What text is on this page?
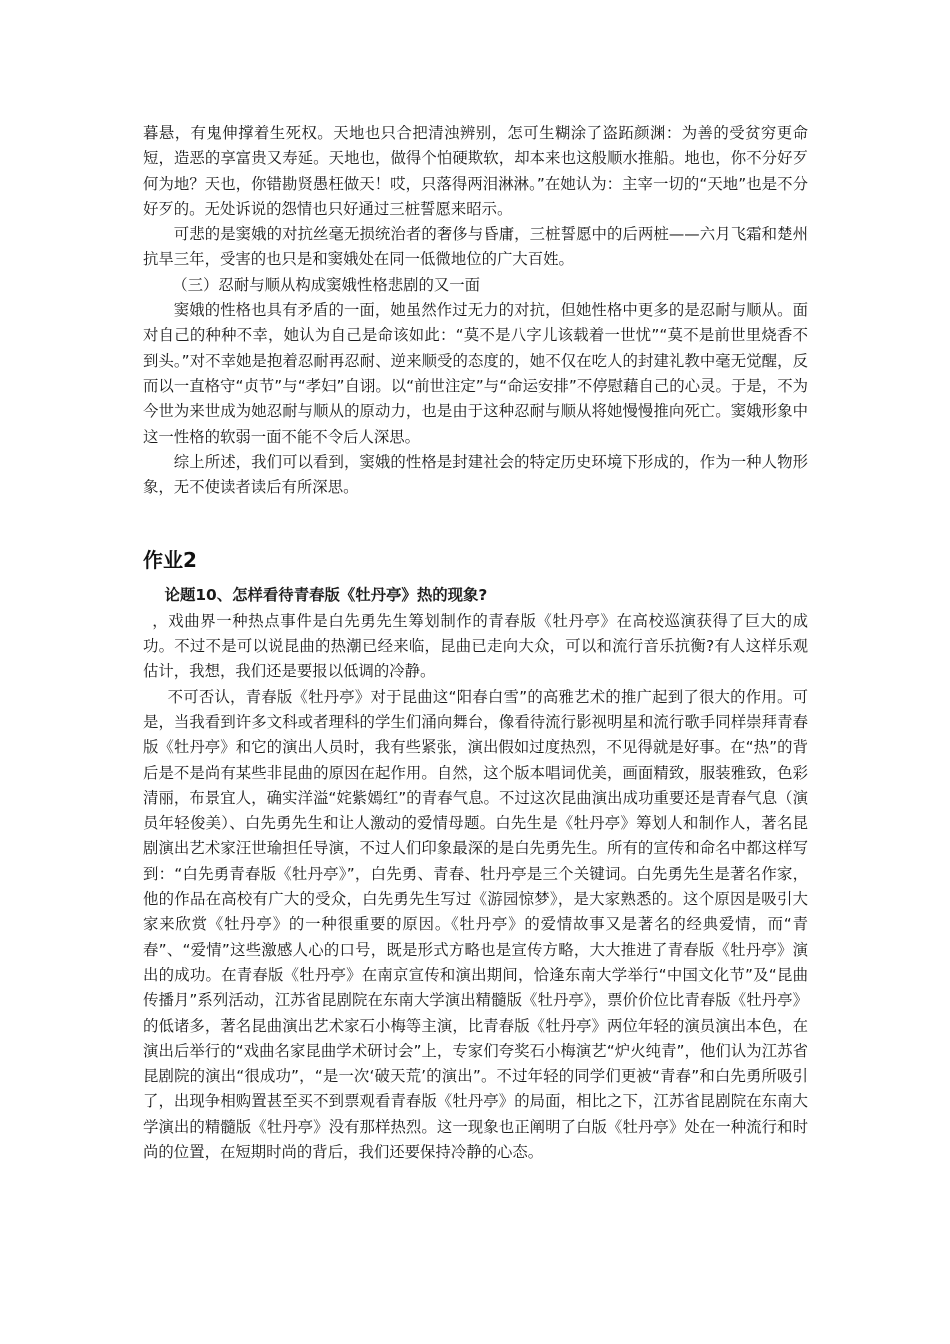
暮悬，有鬼伸撑着生死权。天地也只合把清浊辨别，怎可生糊涂了盗跖颜渊：为善的受贫穷更命短，造恶的享富贵又寿延。天地也，做得个怕硬欺软，却本来也这般顺水推船。地也，你不分好歹何为地？天也，你错勘贤愚枉做天！哎，只落得两泪淋淋。”在她认为：主宰一切的“天地”也是不分好歹的。无处诉说的怨情也只好通过三桩誓愿来昭示。

可悲的是窦娥的对抗丝毫无损统治者的奢侈与昏庸，三桩誓愿中的后两桩——六月飞霜和楚州抗旱三年，受害的也只是和窦娥处在同一低微地位的广大百姓。

（三）忍耐与顺从构成窦娥性格悲剧的又一面

窦娥的性格也具有矛盾的一面，她虽然作过无力的对抗，但她性格中更多的是忍耐与顺从。面对自己的种种不幸，她认为自己是命该如此：“莫不是八字儿该载着一世忧”“莫不是前世里烧香不到头。”对不幸她是抱着忍耐再忍耐、逆来顺受的态度的，她不仅在吃人的封建礼教中毫无觉醒，反而以一直格守“贞节”与“孝妇”自诩。以“前世注定”与“命运安排”不停慰藉自己的心灵。于是，不为今世为来世成为她忍耐与顺从的原动力，也是由于这种忍耐与顺从将她慢慢推向死亡。窦娥形象中这一性格的软弱一面不能不令后人深思。

综上所述，我们可以看到，窦娥的性格是封建社会的特定历史环境下形成的，作为一种人物形象，无不使读者读后有所深思。

作业2

论题10、怎样看待青春版《牡丹亭》热的现象?

，戏曲界一种热点事件是白先勇先生筹划制作的青春版《牡丹亭》在高校巡演获得了巨大的成功。不过不是可以说昆曲的热潮已经来临，昆曲已走向大众，可以和流行音乐抗衡?有人这样乐观估计，我想，我们还是要报以低调的冷静。

不可否认，青春版《牡丹亭》对于昆曲这“阳春白雪”的高雅艺术的推广起到了很大的作用。可是，当我看到许多文科或者理科的学生们涌向舞台，像看待流行影视明星和流行歌手同样崇拜青春版《牡丹亭》和它的演出人员时，我有些紧张，演出假如过度热烈，不见得就是好事。在“热”的背后是不是尚有某些非昆曲的原因在起作用。自然，这个版本唱词优美，画面精致，服装雅致，色彩清丽，布景宜人，确实洋溢“姹紫嫣红”的青春气息。不过这次昆曲演出成功重要还是青春气息（演员年轻俊美）、白先勇先生和让人激动的爱情母题。白先生是《牡丹亭》筹划人和制作人，著名昆剧演出艺术家汪世瑜担任导演，不过人们印象最深的是白先勇先生。所有的宣传和命名中都这样写到：“白先勇青春版《牡丹亭》”，白先勇、青春、牡丹亭是三个关键词。白先勇先生是著名作家，他的作品在高校有广大的受众，白先勇先生写过《游园惊梦》，是大家熟悉的。这个原因是吸引大家来欣赏《牡丹亭》的一种很重要的原因。《牡丹亭》的爱情故事又是著名的经典爱情，而“青春”、“爱情”这些激感人心的口号，既是形式方略也是宣传方略，大大推进了青春版《牡丹亭》演出的成功。在青春版《牡丹亭》在南京宣传和演出期间，恰逢东南大学举行“中国文化节”及“昆曲传播月”系列活动，江苏省昆剧院在东南大学演出精髓版《牡丹亭》，票价价位比青春版《牡丹亭》的低诸多，著名昆曲演出艺术家石小梅等主演，比青春版《牡丹亭》两位年轻的演员演出本色，在演出后举行的“戏曲名家昆曲学术研讨会”上，专家们夸奖石小梅演艺“炉火纯青”，他们认为江苏省昆剧院的演出“很成功”，“是一次‘破天荒’的演出”。不过年轻的同学们更被“青春”和白先勇所吸引了，出现争相购置甚至买不到票观看青春版《牡丹亭》的局面，相比之下，江苏省昆剧院在东南大学演出的精髓版《牡丹亭》没有那样热烈。这一现象也正阐明了白版《牡丹亭》处在一种流行和时尚的位置，在短期时尚的背后，我们还要保持冷静的心态。
